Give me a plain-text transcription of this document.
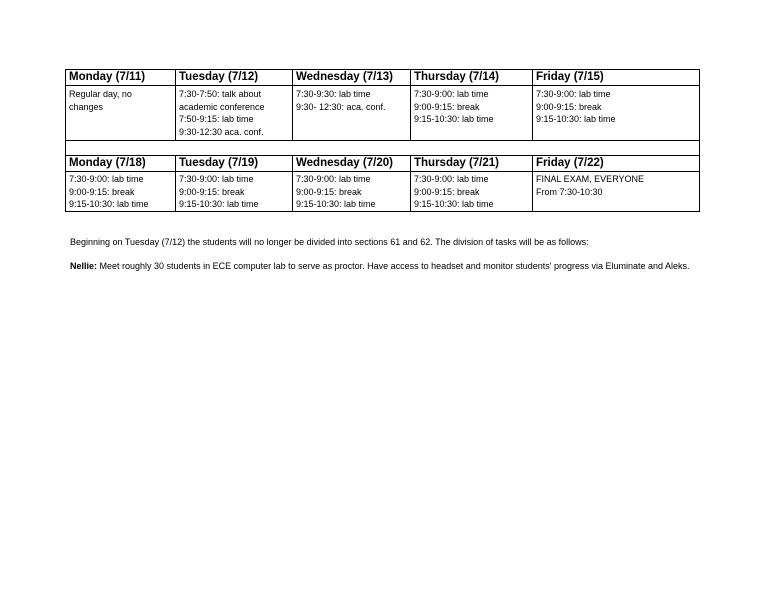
Monday (7/11)	Tuesday (7/12)	Wednesday (7/13)	Thursday (7/14)	Friday (7/15)

Regular day, no
changes	7:30-7:50: talk about
academic conference
7:50-9:15: lab time
9:30-12:30 aca. conf.	7:30-9:30: lab time
9:30- 12:30: aca. conf.	7:30-9:00: lab time
9:00-9:15: break
9:15-10:30: lab time	7:30-9:00: lab time
9:00-9:15: break
9:15-10:30: lab time

Monday (7/18)	Tuesday (7/19)	Wednesday (7/20)	Thursday (7/21)	Friday (7/22)

7:30-9:00: lab time
9:00-9:15: break
9:15-10:30: lab time	7:30-9:00: lab time
9:00-9:15: break
9:15-10:30: lab time	7:30-9:00: lab time
9:00-9:15: break
9:15-10:30: lab time	7:30-9:00: lab time
9:00-9:15: break
9:15-10:30: lab time	FINAL EXAM, EVERYONE
From 7:30-10:30

Beginning on Tuesday (7/12) the students will no longer be divided into sections 61 and 62. The division of tasks will be as follows:

Nellie: Meet roughly 30 students in ECE computer lab to serve as proctor. Have access to headset and monitor students' progress via Eluminate and Aleks.
